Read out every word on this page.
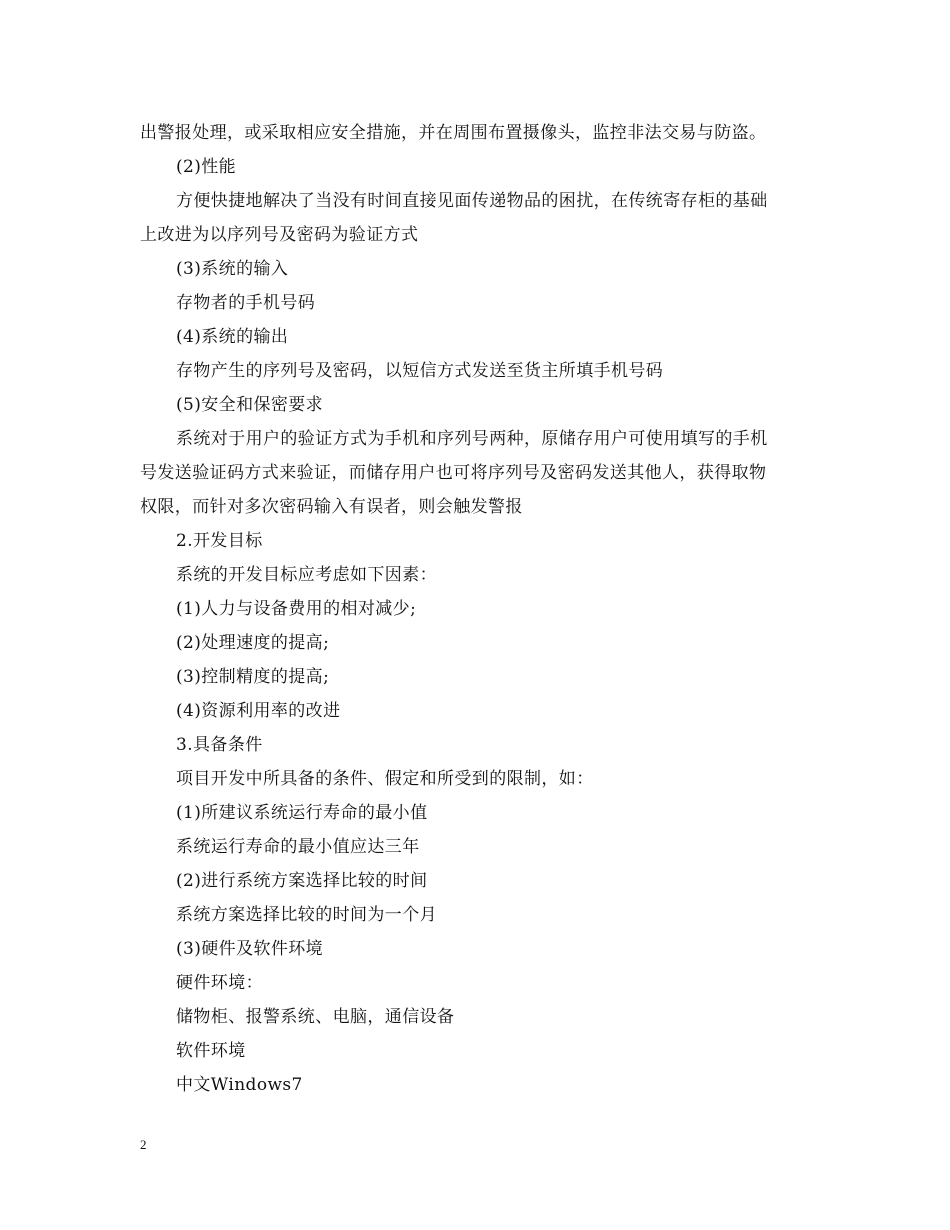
出警报处理，或采取相应安全措施，并在周围布置摄像头，监控非法交易与防盗。
(2)性能
方便快捷地解决了当没有时间直接见面传递物品的困扰，在传统寄存柜的基础
上改进为以序列号及密码为验证方式
(3)系统的输入
存物者的手机号码
(4)系统的输出
存物产生的序列号及密码，以短信方式发送至货主所填手机号码
(5)安全和保密要求
系统对于用户的验证方式为手机和序列号两种，原储存用户可使用填写的手机
号发送验证码方式来验证，而储存用户也可将序列号及密码发送其他人，获得取物
权限，而针对多次密码输入有误者，则会触发警报
2.开发目标
系统的开发目标应考虑如下因素：
(1)人力与设备费用的相对减少;
(2)处理速度的提高;
(3)控制精度的提高;
(4)资源利用率的改进
3.具备条件
项目开发中所具备的条件、假定和所受到的限制，如：
(1)所建议系统运行寿命的最小值
系统运行寿命的最小值应达三年
(2)进行系统方案选择比较的时间
系统方案选择比较的时间为一个月
(3)硬件及软件环境
硬件环境：
储物柜、报警系统、电脑，通信设备
软件环境
中文Windows7
2
